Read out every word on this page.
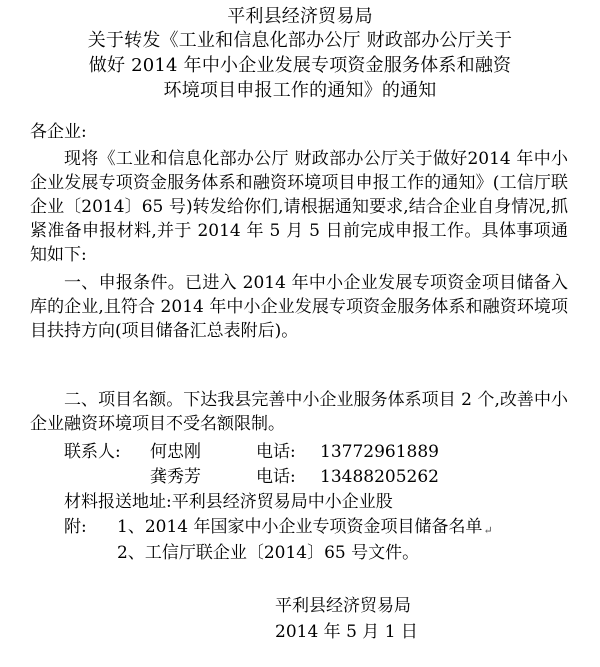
平利县经济贸易局
关于转发《工业和信息化部办公厅 财政部办公厅关于
做好 2014 年中小企业发展专项资金服务体系和融资
环境项目申报工作的通知》的通知
各企业:
现将《工业和信息化部办公厅 财政部办公厅关于做好2014 年中小企业发展专项资金服务体系和融资环境项目申报工作的通知》(工信厅联企业〔2014〕65 号)转发给你们,请根据通知要求,结合企业自身情况,抓紧准备申报材料,并于 2014 年 5 月 5 日前完成申报工作。具体事项通知如下:
一、申报条件。已进入 2014 年中小企业发展专项资金项目储备入库的企业,且符合 2014 年中小企业发展专项资金服务体系和融资环境项目扶持方向(项目储备汇总表附后)。
二、项目名额。下达我县完善中小企业服务体系项目 2 个,改善中小企业融资环境项目不受名额限制。
联系人: 何忠刚	电话: 13772961889
龚秀芳	电话: 13488205262
材料报送地址:平利县经济贸易局中小企业股
附: 1、2014 年国家中小企业专项资金项目储备名单↵
2、工信厅联企业〔2014〕65 号文件。
平利县经济贸易局
2014 年 5 月 1 日
